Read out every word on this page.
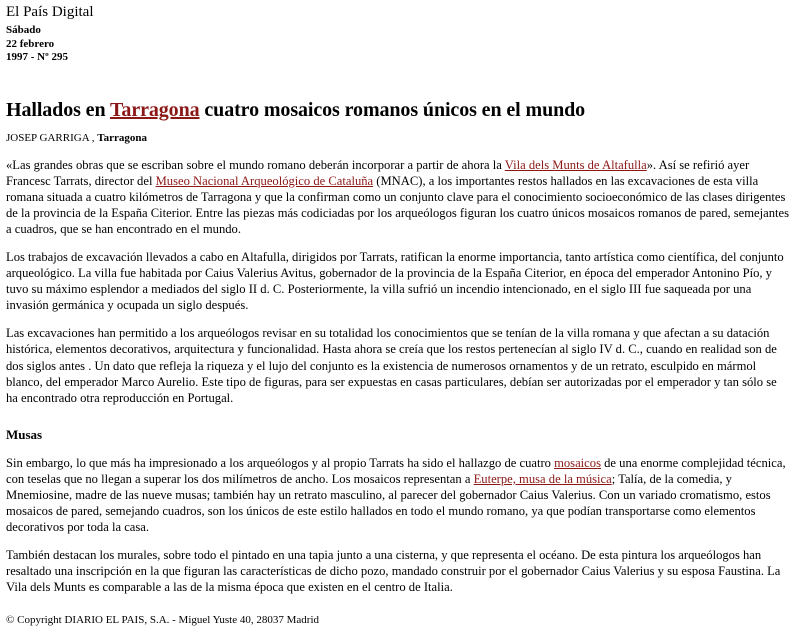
El País Digital
Sábado
22 febrero
1997 - Nº 295
Hallados en Tarragona cuatro mosaicos romanos únicos en el mundo
JOSEP GARRIGA , Tarragona

«Las grandes obras que se escriban sobre el mundo romano deberán incorporar a partir de ahora la Vila dels Munts de Altafulla». Así se refirió ayer Francesc Tarrats, director del Museo Nacional Arqueológico de Cataluña (MNAC), a los importantes restos hallados en las excavaciones de esta villa romana situada a cuatro kilómetros de Tarragona y que la confirman como un conjunto clave para el conocimiento socioeconómico de las clases dirigentes de la provincia de la España Citerior. Entre las piezas más codiciadas por los arqueólogos figuran los cuatro únicos mosaicos romanos de pared, semejantes a cuadros, que se han encontrado en el mundo.

Los trabajos de excavación llevados a cabo en Altafulla, dirigidos por Tarrats, ratifican la enorme importancia, tanto artística como científica, del conjunto arqueológico. La villa fue habitada por Caius Valerius Avitus, gobernador de la provincia de la España Citerior, en época del emperador Antonino Pío, y tuvo su máximo esplendor a mediados del siglo II d. C. Posteriormente, la villa sufrió un incendio intencionado, en el siglo III fue saqueada por una invasión germánica y ocupada un siglo después.

Las excavaciones han permitido a los arqueólogos revisar en su totalidad los conocimientos que se tenían de la villa romana y que afectan a su datación histórica, elementos decorativos, arquitectura y funcionalidad. Hasta ahora se creía que los restos pertenecían al siglo IV d. C., cuando en realidad son de dos siglos antes . Un dato que refleja la riqueza y el lujo del conjunto es la existencia de numerosos ornamentos y de un retrato, esculpido en mármol blanco, del emperador Marco Aurelio. Este tipo de figuras, para ser expuestas en casas particulares, debían ser autorizadas por el emperador y tan sólo se ha encontrado otra reproducción en Portugal.

Musas

Sin embargo, lo que más ha impresionado a los arqueólogos y al propio Tarrats ha sido el hallazgo de cuatro mosaicos de una enorme complejidad técnica, con teselas que no llegan a superar los dos milímetros de ancho. Los mosaicos representan a Euterpe, musa de la música; Talía, de la comedia, y Mnemiosine, madre de las nueve musas; también hay un retrato masculino, al parecer del gobernador Caius Valerius. Con un variado cromatismo, estos mosaicos de pared, semejando cuadros, son los únicos de este estilo hallados en todo el mundo romano, ya que podían transportarse como elementos decorativos por toda la casa.

También destacan los murales, sobre todo el pintado en una tapia junto a una cisterna, y que representa el océano. De esta pintura los arqueólogos han resaltado una inscripción en la que figuran las características de dicho pozo, mandado construir por el gobernador Caius Valerius y su esposa Faustina. La Vila dels Munts es comparable a las de la misma época que existen en el centro de Italia.

© Copyright DIARIO EL PAIS, S.A. - Miguel Yuste 40, 28037 Madrid
